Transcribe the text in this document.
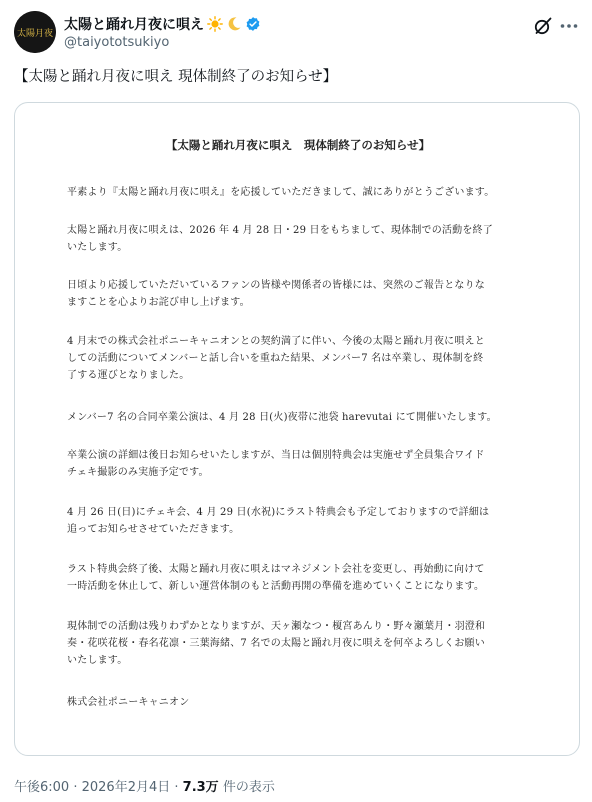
太陽月夜
太陽と踊れ月夜に唄え
@taiyototsukiyo
【太陽と踊れ月夜に唄え 現体制終了のお知らせ】
【太陽と踊れ月夜に唄え　現体制終了のお知らせ】
平素より『太陽と踊れ月夜に唄え』を応援していただきまして、誠にありがとうございます。
太陽と踊れ月夜に唄えは、2026 年 4 月 28 日・29 日をもちまして、現体制での活動を終了
いたします。
日頃より応援していただいているファンの皆様や関係者の皆様には、突然のご報告となりな
ますことを心よりお詫び申し上げます。
4 月末での株式会社ポニーキャニオンとの契約満了に伴い、今後の太陽と踊れ月夜に唄えと
しての活動についてメンバーと話し合いを重ねた結果、メンバー7 名は卒業し、現体制を終
了する運びとなりました。
メンバー7 名の合同卒業公演は、4 月 28 日(火)夜帯に池袋 harevutai にて開催いたします。
卒業公演の詳細は後日お知らせいたしますが、当日は個別特典会は実施せず全員集合ワイド
チェキ撮影のみ実施予定です。
4 月 26 日(日)にチェキ会、4 月 29 日(水祝)にラスト特典会も予定しておりますので詳細は
追ってお知らせさせていただきます。
ラスト特典会終了後、太陽と踊れ月夜に唄えはマネジメント会社を変更し、再始動に向けて
一時活動を休止して、新しい運営体制のもと活動再開の準備を進めていくことになります。
現体制での活動は残りわずかとなりますが、天ヶ瀬なつ・榎宮あんり・野々瀬葉月・羽澄和
奏・花咲花桜・春名花凛・三葉海緒、7 名での太陽と踊れ月夜に唄えを何卒よろしくお願い
いたします。
株式会社ポニーキャニオン
午後6:00 · 2026年2月4日 · 7.3万 件の表示
